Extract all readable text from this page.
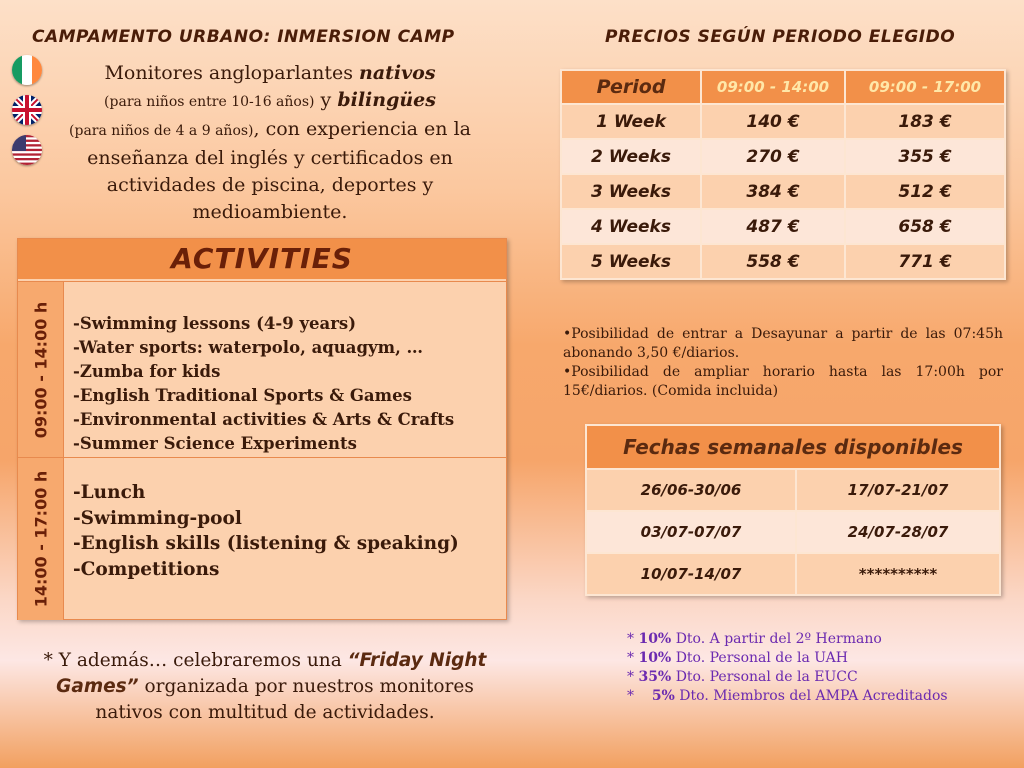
CAMPAMENTO URBANO: INMERSION CAMP	PRECIOS SEGÚN PERIODO ELEGIDO
Monitores angloparlantes nativos
(para niños entre 10-16 años) y bilingües
(para niños de 4 a 9 años), con experiencia en la enseñanza del inglés y certificados en actividades de piscina, deportes y medioambiente.
ACTIVITIES
09:00 - 14:00 h -Swimming lessons (4-9 years)
-Water sports: waterpolo, aquagym, …
-Zumba for kids
-English Traditional Sports & Games
-Environmental activities & Arts & Crafts
-Summer Science Experiments
14:00 - 17:00 h -Lunch
-Swimming-pool
-English skills (listening & speaking)
-Competitions
* Y además… celebraremos una “Friday Night Games” organizada por nuestros monitores nativos con multitud de actividades.
Period	09:00 - 14:00	09:00 - 17:00
1 Week	140 €	183 €
2 Weeks	270 €	355 €
3 Weeks	384 €	512 €
4 Weeks	487 €	658 €
5 Weeks	558 €	771 €

•Posibilidad de entrar a Desayunar a partir de las 07:45h abonando 3,50 €/diarios.

•Posibilidad de ampliar horario hasta las 17:00h por 15€/diarios. (Comida incluida)

Fechas semanales disponibles	
26/06-30/06	17/07-21/07
03/07-07/07	24/07-28/07
10/07-14/07	**********
* 10% Dto. A partir del 2º Hermano
* 10% Dto. Personal de la UAH
* 35% Dto. Personal de la EUCC
*    5% Dto. Miembros del AMPA Acreditados
